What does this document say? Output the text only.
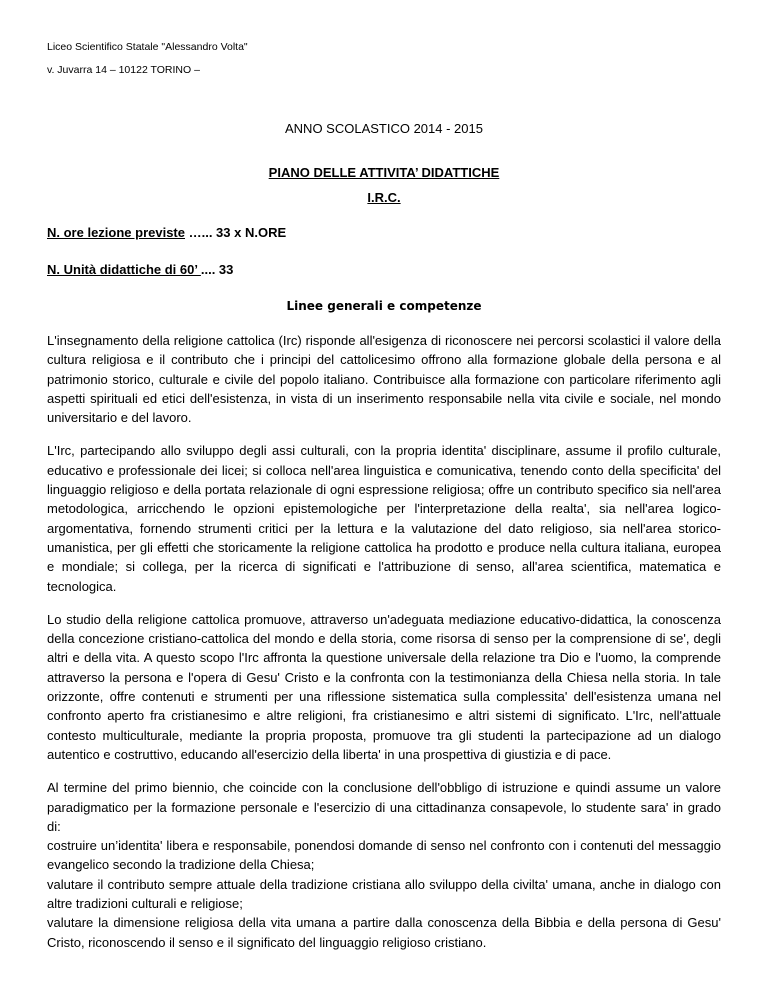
Liceo Scientifico Statale "Alessandro Volta"
v. Juvarra 14 – 10122 TORINO –
ANNO SCOLASTICO 2014 - 2015
PIANO DELLE ATTIVITA’ DIDATTICHE
I.R.C.
N. ore lezione previste …... 33 x N.ORE
N. Unità didattiche di 60’ .... 33
Linee generali e competenze

L'insegnamento della religione cattolica (Irc) risponde all'esigenza di riconoscere nei percorsi scolastici il valore della cultura religiosa e il contributo che i principi del cattolicesimo offrono alla formazione globale della persona e al patrimonio storico, culturale e civile del popolo italiano. Contribuisce alla formazione con particolare riferimento agli aspetti spirituali ed etici dell'esistenza, in vista di un inserimento responsabile nella vita civile e sociale, nel mondo universitario e del lavoro.

L'Irc, partecipando allo sviluppo degli assi culturali, con la propria identita' disciplinare, assume il profilo culturale, educativo e professionale dei licei; si colloca nell'area linguistica e comunicativa, tenendo conto della specificita' del linguaggio religioso e della portata relazionale di ogni espressione religiosa; offre un contributo specifico sia nell'area metodologica, arricchendo le opzioni epistemologiche per l'interpretazione della realta', sia nell'area logico-argomentativa, fornendo strumenti critici per la lettura e la valutazione del dato religioso, sia nell'area storico-umanistica, per gli effetti che storicamente la religione cattolica ha prodotto e produce nella cultura italiana, europea e mondiale; si collega, per la ricerca di significati e l'attribuzione di senso, all'area scientifica, matematica e tecnologica.

Lo studio della religione cattolica promuove, attraverso un'adeguata mediazione educativo-didattica, la conoscenza della concezione cristiano-cattolica del mondo e della storia, come risorsa di senso per la comprensione di se', degli altri e della vita. A questo scopo l'Irc affronta la questione universale della relazione tra Dio e l'uomo, la comprende attraverso la persona e l'opera di Gesu' Cristo e la confronta con la testimonianza della Chiesa nella storia. In tale orizzonte, offre contenuti e strumenti per una riflessione sistematica sulla complessita' dell'esistenza umana nel confronto aperto fra cristianesimo e altre religioni, fra cristianesimo e altri sistemi di significato. L'Irc, nell'attuale contesto multiculturale, mediante la propria proposta, promuove tra gli studenti la partecipazione ad un dialogo autentico e costruttivo, educando all'esercizio della liberta' in una prospettiva di giustizia e di pace.

Al termine del primo biennio, che coincide con la conclusione dell'obbligo di istruzione e quindi assume un valore paradigmatico per la formazione personale e l'esercizio di una cittadinanza consapevole, lo studente sara' in grado di:
costruire un’identita' libera e responsabile, ponendosi domande di senso nel confronto con i contenuti del messaggio evangelico secondo la tradizione della Chiesa;
valutare il contributo sempre attuale della tradizione cristiana allo sviluppo della civilta' umana, anche in dialogo con altre tradizioni culturali e religiose;
valutare la dimensione religiosa della vita umana a partire dalla conoscenza della Bibbia e della persona di Gesu' Cristo, riconoscendo il senso e il significato del linguaggio religioso cristiano.
